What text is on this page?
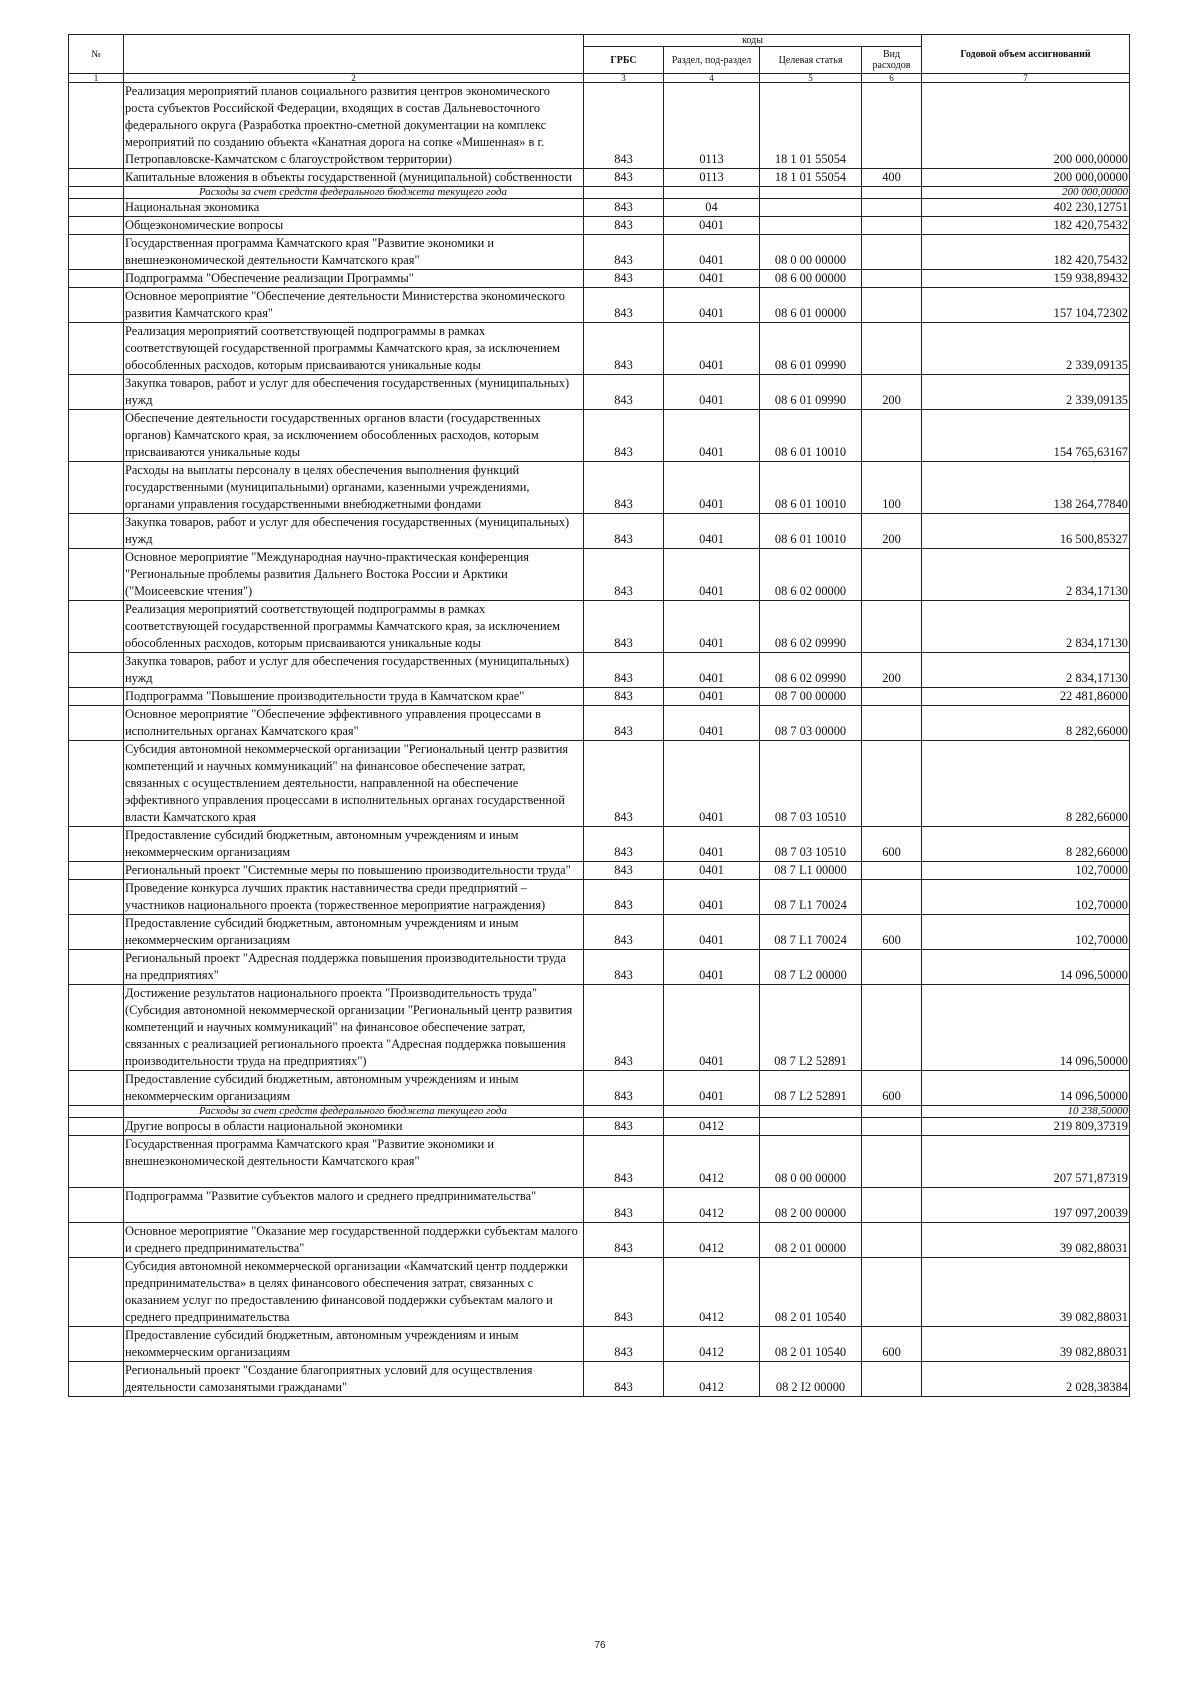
№		коды				Годовой объем ассигнований
		ГРБС	Раздел, под-раздел	Целевая статья	Вид расходов	
1	2	3	4	5	6	7
	Реализация мероприятий планов социального развития центров экономического роста субъектов Российской Федерации, входящих в состав Дальневосточного федерального округа (Разработка проектно-сметной документации на комплекс мероприятий по созданию объекта «Канатная дорога на сопке «Мишенная» в г. Петропавловске-Камчатском с благоустройством территории)	843	0113	18 1 01 55054		200 000,00000
	Капитальные вложения в объекты государственной (муниципальной) собственности	843	0113	18 1 01 55054	400	200 000,00000
	Расходы за счет средств федерального бюджета текущего года					200 000,00000
	Национальная экономика	843	04			402 230,12751
	Общеэкономические вопросы	843	0401			182 420,75432
	Государственная программа Камчатского края "Развитие экономики и внешнеэкономической деятельности Камчатского края"	843	0401	08 0 00 00000		182 420,75432
	Подпрограмма "Обеспечение реализации Программы"	843	0401	08 6 00 00000		159 938,89432
	Основное мероприятие "Обеспечение деятельности Министерства экономического развития Камчатского края"	843	0401	08 6 01 00000		157 104,72302
	Реализация мероприятий соответствующей подпрограммы в рамках соответствующей государственной программы Камчатского края, за исключением обособленных расходов, которым присваиваются уникальные коды	843	0401	08 6 01 09990		2 339,09135
	Закупка товаров, работ и услуг для обеспечения государственных (муниципальных) нужд	843	0401	08 6 01 09990	200	2 339,09135
	Обеспечение деятельности государственных органов власти (государственных органов) Камчатского края, за исключением обособленных расходов, которым присваиваются уникальные коды	843	0401	08 6 01 10010		154 765,63167
	Расходы на выплаты персоналу в целях обеспечения выполнения функций государственными (муниципальными) органами, казенными учреждениями, органами управления государственными внебюджетными фондами	843	0401	08 6 01 10010	100	138 264,77840
	Закупка товаров, работ и услуг для обеспечения государственных (муниципальных) нужд	843	0401	08 6 01 10010	200	16 500,85327
	Основное мероприятие "Международная научно-практическая конференция "Региональные проблемы развития Дальнего Востока России и Арктики ("Моисеевские чтения")	843	0401	08 6 02 00000		2 834,17130
	Реализация мероприятий соответствующей подпрограммы в рамках соответствующей государственной программы Камчатского края, за исключением обособленных расходов, которым присваиваются уникальные коды	843	0401	08 6 02 09990		2 834,17130
	Закупка товаров, работ и услуг для обеспечения государственных (муниципальных) нужд	843	0401	08 6 02 09990	200	2 834,17130
	Подпрограмма "Повышение производительности труда в Камчатском крае"	843	0401	08 7 00 00000		22 481,86000
	Основное мероприятие "Обеспечение эффективного управления процессами в исполнительных органах Камчатского края"	843	0401	08 7 03 00000		8 282,66000
	Субсидия автономной некоммерческой организации "Региональный центр развития компетенций и научных коммуникаций" на финансовое обеспечение затрат, связанных с осуществлением деятельности, направленной на обеспечение эффективного управления процессами в исполнительных органах государственной власти Камчатского края	843	0401	08 7 03 10510		8 282,66000
	Предоставление субсидий бюджетным, автономным учреждениям и иным некоммерческим организациям	843	0401	08 7 03 10510	600	8 282,66000
	Региональный проект "Системные меры по повышению производительности труда"	843	0401	08 7 L1 00000		102,70000
	Проведение конкурса лучших практик наставничества среди предприятий – участников национального проекта (торжественное мероприятие награждения)	843	0401	08 7 L1 70024		102,70000
	Предоставление субсидий бюджетным, автономным учреждениям и иным некоммерческим организациям	843	0401	08 7 L1 70024	600	102,70000
	Региональный проект "Адресная поддержка повышения производительности труда на предприятиях"	843	0401	08 7 L2 00000		14 096,50000
	Достижение результатов национального проекта "Производительность труда" (Субсидия автономной некоммерческой организации "Региональный центр развития компетенций и научных коммуникаций" на финансовое обеспечение затрат, связанных с реализацией регионального проекта "Адресная поддержка повышения производительности труда на предприятиях")	843	0401	08 7 L2 52891		14 096,50000
	Предоставление субсидий бюджетным, автономным учреждениям и иным некоммерческим организациям	843	0401	08 7 L2 52891	600	14 096,50000
	Расходы за счет средств федерального бюджета текущего года					10 238,50000
	Другие вопросы в области национальной экономики	843	0412			219 809,37319
	Государственная программа Камчатского края "Развитие экономики и внешнеэкономической деятельности Камчатского края"	843	0412	08 0 00 00000		207 571,87319
	Подпрограмма "Развитие субъектов малого и среднего предпринимательства"	843	0412	08 2 00 00000		197 097,20039
	Основное мероприятие "Оказание мер государственной поддержки субъектам малого и среднего предпринимательства"	843	0412	08 2 01 00000		39 082,88031
	Субсидия автономной некоммерческой организации «Камчатский центр поддержки предпринимательства» в целях финансового обеспечения затрат, связанных с оказанием услуг по предоставлению финансовой поддержки субъектам малого и среднего предпринимательства	843	0412	08 2 01 10540		39 082,88031
	Предоставление субсидий бюджетным, автономным учреждениям и иным некоммерческим организациям	843	0412	08 2 01 10540	600	39 082,88031
	Региональный проект "Создание благоприятных условий для осуществления деятельности самозанятыми гражданами"	843	0412	08 2 I2 00000		2 028,38384
76
